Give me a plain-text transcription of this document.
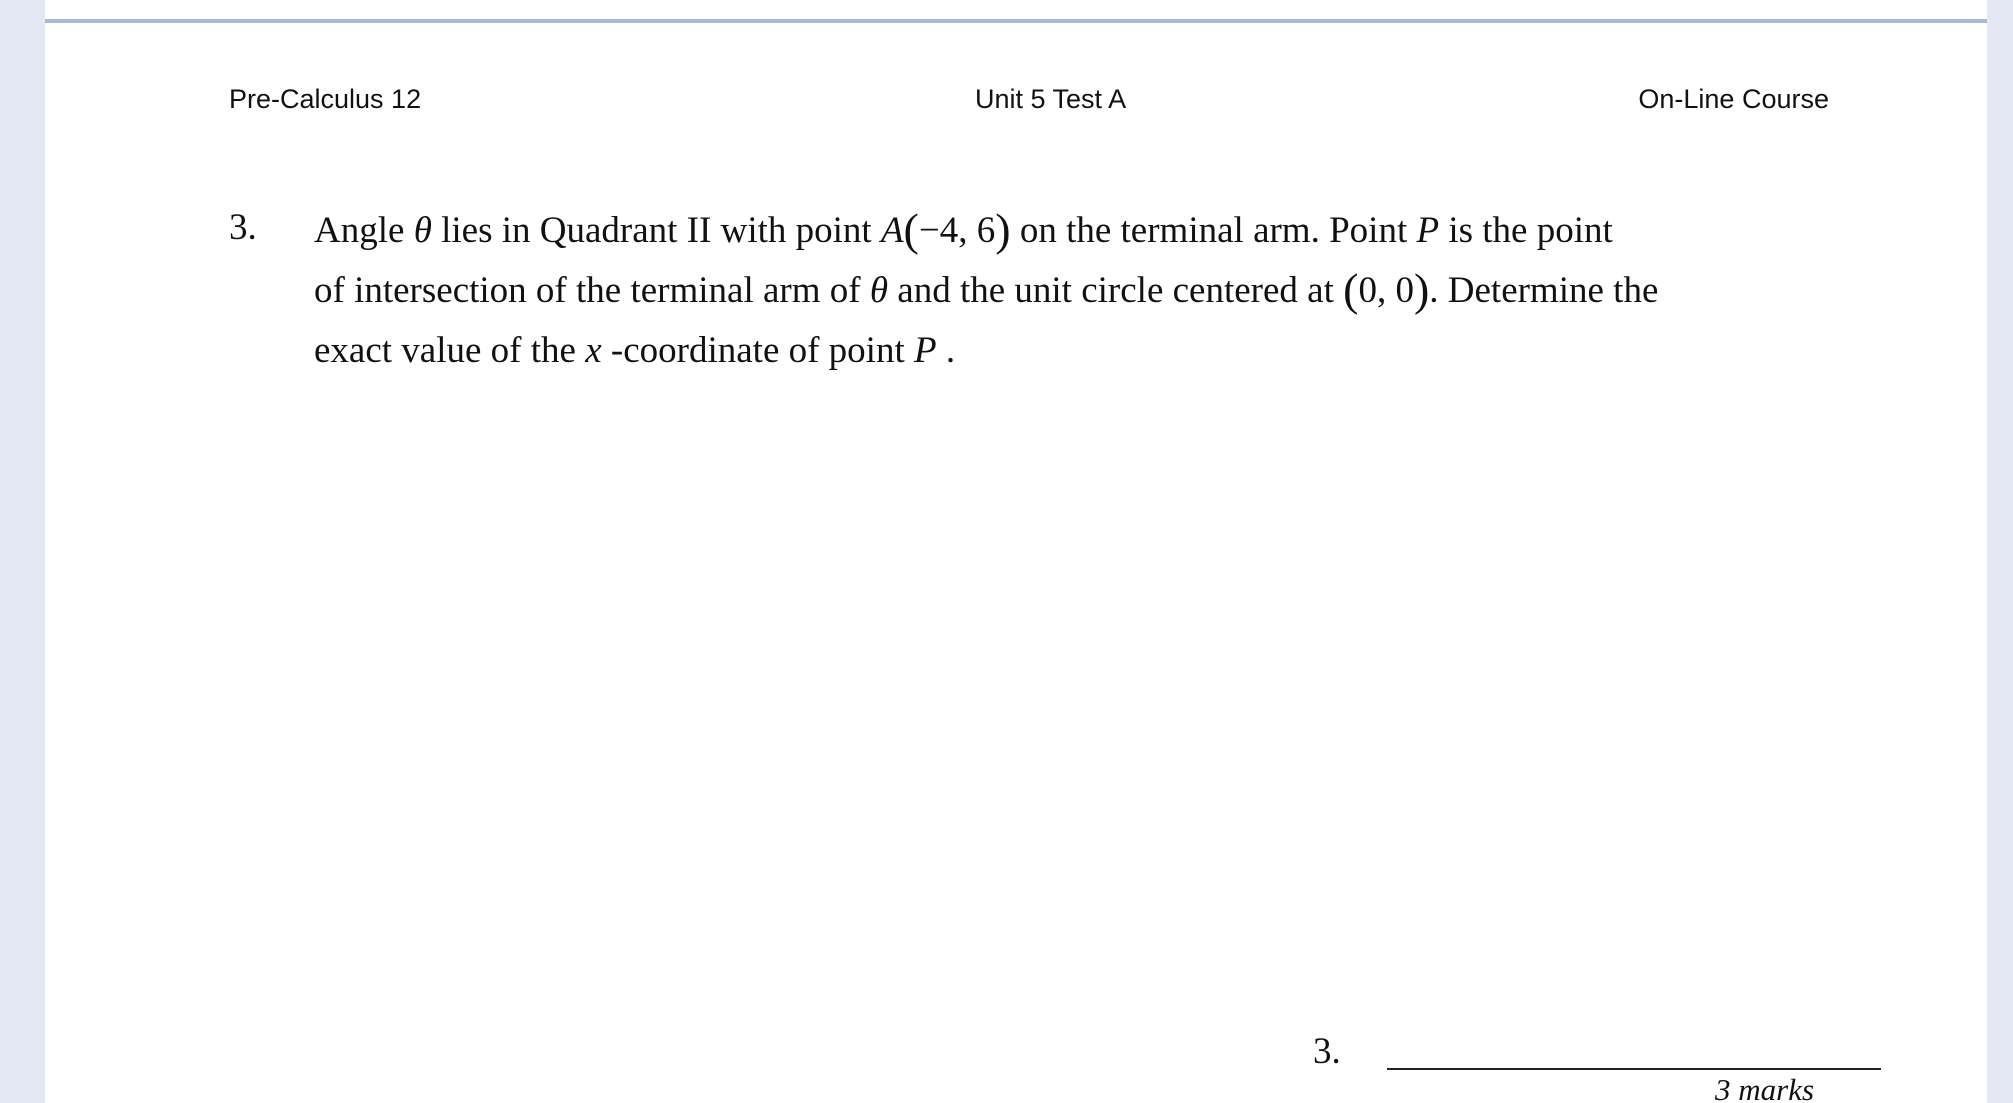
Pre-Calculus 12	Unit 5 Test A	On-Line Course
3. Angle θ lies in Quadrant II with point A(−4, 6) on the terminal arm. Point P is the point
of intersection of the terminal arm of θ and the unit circle centered at (0, 0). Determine the
exact value of the x -coordinate of point P .
3.
3 marks
